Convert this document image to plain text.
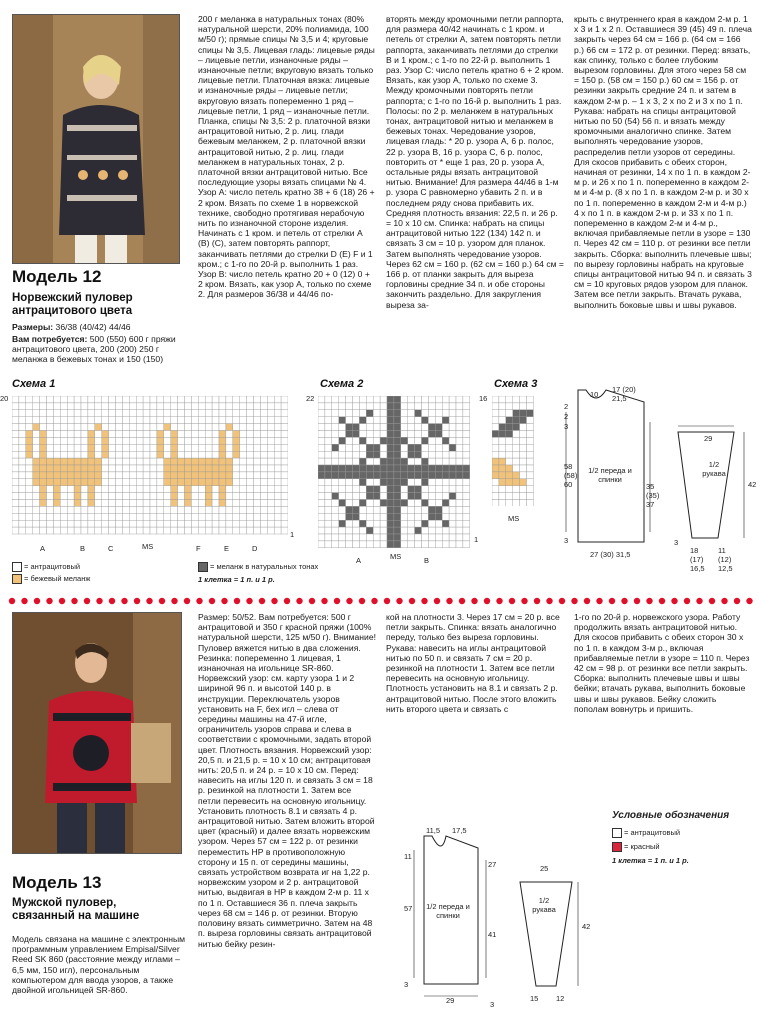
Модель 12
Норвежский пуловер антрацитового цвета
Размеры: 36/38 (40/42) 44/46
Вам потребуется: 500 (550) 600 г пряжи антрацитового цвета, 200 (200) 250 г меланжа в бежевых тонах и 150 (150)
200 г меланжа в натуральных тонах (80% натуральной шерсти, 20% полиамида, 100 м/50 г); прямые спицы № 3,5 и 4; круговые спицы № 3,5. Лицевая гладь: лицевые ряды – лицевые петли, изнаночные ряды – изнаночные петли; вкруговую вязать только лицевые петли. Платочная вязка: лицевые и изнаночные ряды – лицевые петли; вкруговую вязать попеременно 1 ряд – лицевые петли, 1 ряд – изнаночные петли. Планка, спицы № 3,5: 2 р. платочной вязки антрацитовой нитью, 2 р. лиц. глади бежевым меланжем, 2 р. платочной вязки антрацитовой нитью, 2 р. лиц. глади меланжем в натуральных тонах, 2 р. платочной вязки антрацитовой нитью. Все последующие узоры вязать спицами № 4. Узор А: число петель кратно 38 + 6 (18) 26 + 2 кром. Вязать по схеме 1 в норвежской технике, свободно протягивая нерабочую нить по изнаночной стороне изделия. Начинать с 1 кром. и петель от стрелки A (B) (C), затем повторять раппорт, заканчивать петлями до стрелки D (E) F и 1 кром.; с 1-го по 20-й р. выполнить 1 раз. Узор B: число петель кратно 20 + 0 (12) 0 + 2 кром. Вязать, как узор А, только по схеме 2. Для размеров 36/38 и 44/46 по-
вторять между кромочными петли раппорта, для размера 40/42 начинать с 1 кром. и петель от стрелки А, затем повторять петли раппорта, заканчивать петлями до стрелки В и 1 кром.; с 1-го по 22-й р. выполнить 1 раз. Узор С: число петель кратно 6 + 2 кром. Вязать, как узор А, только по схеме 3. Между кромочными повторять петли раппорта; с 1-го по 16-й р. выполнить 1 раз. Полосы: по 2 р. меланжем в натуральных тонах, антрацитовой нитью и меланжем в бежевых тонах. Чередование узоров, лицевая гладь: * 20 р. узора А, 6 р. полос, 22 р. узора В, 16 р. узора С, 6 р. полос, повторить от * еще 1 раз, 20 р. узора А, остальные ряды вязать антрацитовой нитью. Внимание! Для размера 44/46 в 1-м р. узора С равномерно убавить 2 п. и в последнем ряду снова прибавить их. Средняя плотность вязания: 22,5 п. и 26 р. = 10 х 10 см. Спинка: набрать на спицы антрацитовой нитью 122 (134) 142 п. и связать 3 см = 10 р. узором для планок. Затем выполнять чередование узоров. Через 62 см = 160 р. (62 см = 160 р.) 64 см = 166 р. от планки закрыть для выреза горловины средние 34 п. и обе стороны закончить раздельно. Для закругления выреза за-
крыть с внутреннего края в каждом 2-м р. 1 х 3 и 1 х 2 п. Оставшиеся 39 (45) 49 п. плеча закрыть через 64 см = 166 р. (64 см = 166 р.) 66 см = 172 р. от резинки. Перед: вязать, как спинку, только с более глубоким вырезом горловины. Для этого через 58 см = 150 р. (58 см = 150 р.) 60 см = 156 р. от резинки закрыть средние 24 п. и затем в каждом 2-м р. – 1 х 3, 2 х по 2 и 3 х по 1 п. Рукава: набрать на спицы антрацитовой нитью по 50 (54) 56 п. и вязать между кромочными аналогично спинке. Затем выполнять чередование узоров, распределив петли узоров от середины. Для скосов прибавить с обеих сторон, начиная от резинки, 14 х по 1 п. в каждом 2-м р. и 26 х по 1 п. попеременно в каждом 2-м и 4-м р. (8 х по 1 п. в каждом 2-м р. и 30 х по 1 п. попеременно в каждом 2-м и 4-м р.) 4 х по 1 п. в каждом 2-м р. и 33 х по 1 п. попеременно в каждом 2-м и 4-м р., включая прибавляемые петли в узоре = 130 п. Через 42 см = 110 р. от резинки все петли закрыть. Сборка: выполнить плечевые швы; по вырезу горловины набрать на круговые спицы антрацитовой нитью 94 п. и связать 3 см = 10 круговых рядов узором для планок. Затем все петли закрыть. Втачать рукава, выполнить боковые швы и швы рукавов.
Схема 1	Схема 2	Схема 3
20
1
22
1
16
A	B	C	MS	F	E	D
A	MS	B
MS
= антрацитовый
= бежевый меланж
= меланж в натуральных тонах
1 клетка = 1 п. и 1 р.
10
17 (20) 21,5
2
2
3
58 (58) 60
1/2 переда и спинки
35 (35) 37
3
27 (30) 31,5
3
29
1/2 рукава
42
18 (17) 16,5
11 (12) 12,5
Модель 13
Мужской пуловер, связанный на машине
Модель связана на машине с электронным программным управлением Empisal/Silver Reed SK 860 (расстояние между иглами – 6,5 мм, 150 игл), персональным компьютером для ввода узоров, а также двойной игольницей SR-860.
Размер: 50/52. Вам потребуется: 500 г антрацитовой и 350 г красной пряжи (100% натуральной шерсти, 125 м/50 г). Внимание! Пуловер вяжется нитью в два сложения. Резинка: попеременно 1 лицевая, 1 изнаночная на игольнице SR-860. Норвежский узор: см. карту узора 1 и 2 шириной 96 п. и высотой 140 р. в инструкции. Переключатель узоров установить на F, бех игл – слева от середины машины на 47-й игле, ограничитель узоров справа и слева в соответствии с кромочными, задать второй цвет. Плотность вязания. Норвежский узор: 20,5 п. и 21,5 р. = 10 х 10 см; антрацитовая нить: 20,5 п. и 24 р. = 10 х 10 см. Перед: навесить на иглы 120 п. и связать 3 см = 18 р. резинкой на плотности 1. Затем все петли перевесить на основную игольницу. Установить плотность 8.1 и связать 4 р. антрацитовой нитью. Затем вложить второй цвет (красный) и далее вязать норвежским узором. Через 57 см = 122 р. от резинки переместить НР в противоположную сторону и 15 п. от середины машины, связать устройством возврата иг на 1,22 р. норвежским узором и 2 р. антрацитовой нитью, выдвигая в НР в каждом 2-м р. 11 х по 1 п. Оставшиеся 36 п. плеча закрыть через 68 см = 146 р. от резинки. Вторую половину вязать симметрично. Затем на 48 п. выреза горловины связать антрацитовой нитью бейку резин-
кой на плотности 3. Через 17 см = 20 р. все петли закрыть. Спинка: вязать аналогично переду, только без выреза горловины. Рукава: навесить на иглы антрацитовой нитью по 50 п. и связать 7 см = 20 р. резинкой на плотности 1. Затем все петли перевесить на основную игольницу. Плотность установить на 8.1 и связать 2 р. антрацитовой нитью. После этого вложить нить второго цвета и связать с
1-го по 20-й р. норвежского узора. Работу продолжить вязать антрацитовой нитью. Для скосов прибавить с обеих сторон 30 х по 1 п. в каждом 3-м р., включая прибавляемые петли в узоре = 110 п. Через 42 см = 98 р. от резинки все петли закрыть. Сборка: выполнить плечевые швы и швы бейки; втачать рукава, выполнить боковые швы и швы рукавов. Бейку сложить пополам вовнутрь и пришить.
Условные обозначения
= антрацитовый
= красный
1 клетка = 1 п. и 1 р.
11,5 17,5
11
27
57 1/2 переда и спинки
41
3
29	3
42
1/2 рукава
25
15 12
